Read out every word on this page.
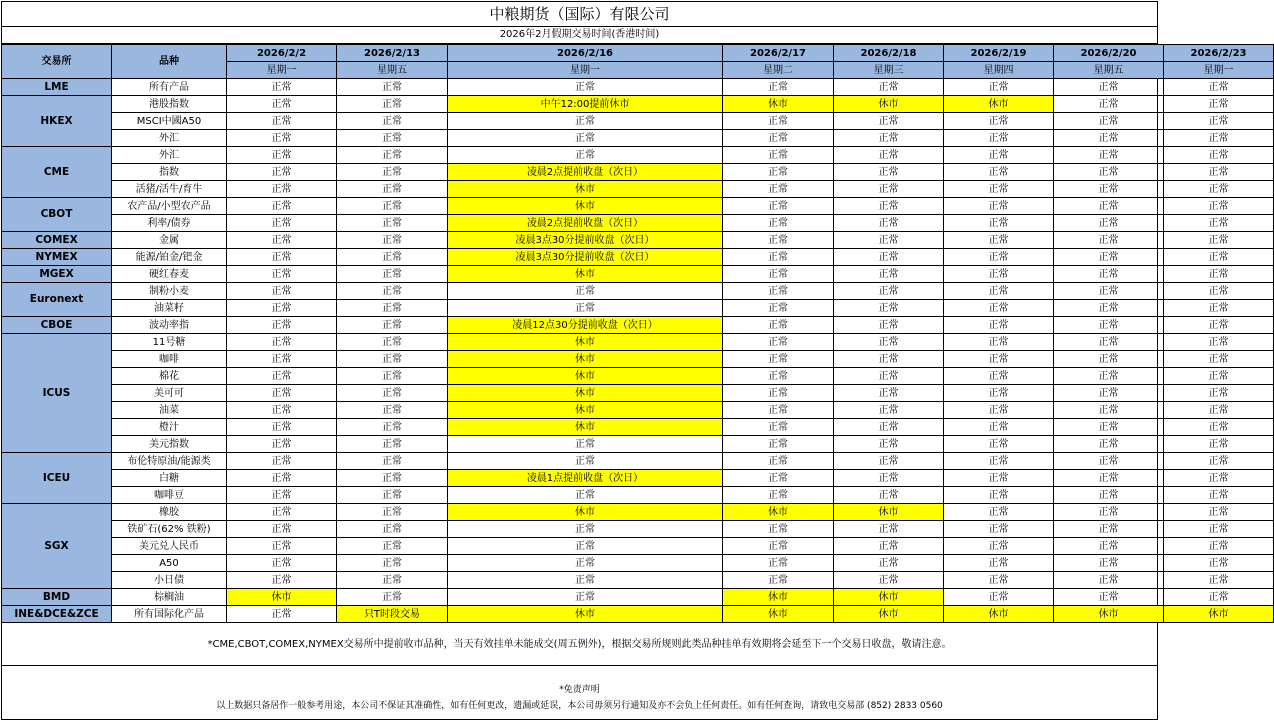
中粮期货（国际）有限公司
2026年2月假期交易时间(香港时间)
交易所	品种	2026/2/2	2026/2/13	2026/2/16	2026/2/17	2026/2/18	2026/2/19	2026/2/20	2026/2/23
		星期一	星期五	星期一	星期二	星期三	星期四	星期五	星期一
LME	所有产品	正常	正常	正常	正常	正常	正常	正常	正常
HKEX	港股指数	正常	正常	中午12:00提前休市	休市	休市	休市	正常	正常
	MSCI中國A50	正常	正常	正常	正常	正常	正常	正常	正常
	外汇	正常	正常	正常	正常	正常	正常	正常	正常
CME	外汇	正常	正常	正常	正常	正常	正常	正常	正常
	指数	正常	正常	凌晨2点提前收盘（次日）	正常	正常	正常	正常	正常
	活猪/活牛/育牛	正常	正常	休市	正常	正常	正常	正常	正常
CBOT	农产品/小型农产品	正常	正常	休市	正常	正常	正常	正常	正常
	利率/债券	正常	正常	凌晨2点提前收盘（次日）	正常	正常	正常	正常	正常
COMEX	金属	正常	正常	凌晨3点30分提前收盘（次日）	正常	正常	正常	正常	正常
NYMEX	能源/铂金/钯金	正常	正常	凌晨3点30分提前收盘（次日）	正常	正常	正常	正常	正常
MGEX	硬红春麦	正常	正常	休市	正常	正常	正常	正常	正常
Euronext	制粉小麦	正常	正常	正常	正常	正常	正常	正常	正常
	油菜籽	正常	正常	正常	正常	正常	正常	正常	正常
CBOE	波动率指	正常	正常	凌晨12点30分提前收盘（次日）	正常	正常	正常	正常	正常
ICUS	11号糖	正常	正常	休市	正常	正常	正常	正常	正常
	咖啡	正常	正常	休市	正常	正常	正常	正常	正常
	棉花	正常	正常	休市	正常	正常	正常	正常	正常
	美可可	正常	正常	休市	正常	正常	正常	正常	正常
	油菜	正常	正常	休市	正常	正常	正常	正常	正常
	橙汁	正常	正常	休市	正常	正常	正常	正常	正常
	美元指数	正常	正常	正常	正常	正常	正常	正常	正常
ICEU	布伦特原油/能源类	正常	正常	正常	正常	正常	正常	正常	正常
	白糖	正常	正常	凌晨1点提前收盘（次日）	正常	正常	正常	正常	正常
	咖啡豆	正常	正常	正常	正常	正常	正常	正常	正常
SGX	橡胶	正常	正常	休市	休市	休市	正常	正常	正常
	铁矿石(62% 铁粉)	正常	正常	正常	正常	正常	正常	正常	正常
	美元兑人民币	正常	正常	正常	正常	正常	正常	正常	正常
	A50	正常	正常	正常	正常	正常	正常	正常	正常
	小日债	正常	正常	正常	正常	正常	正常	正常	正常
BMD	棕榈油	休市	正常	正常	休市	休市	正常	正常	正常
INE&DCE&ZCE	所有国际化产品	正常	只T时段交易	休市	休市	休市	休市	休市	休市
*CME,CBOT,COMEX,NYMEX交易所中提前收市品种，当天有效挂单未能成交(周五例外)，根据交易所规则此类品种挂单有效期将会延至下一个交易日收盘，敬请注意。
*免责声明
以上数据只备居作一般参考用途，本公司不保证其准确性，如有任何更改，遗漏或延误，本公司毋须另行通知及亦不会负上任何责任。如有任何查询，请致电交易部 (852) 2833 0560
